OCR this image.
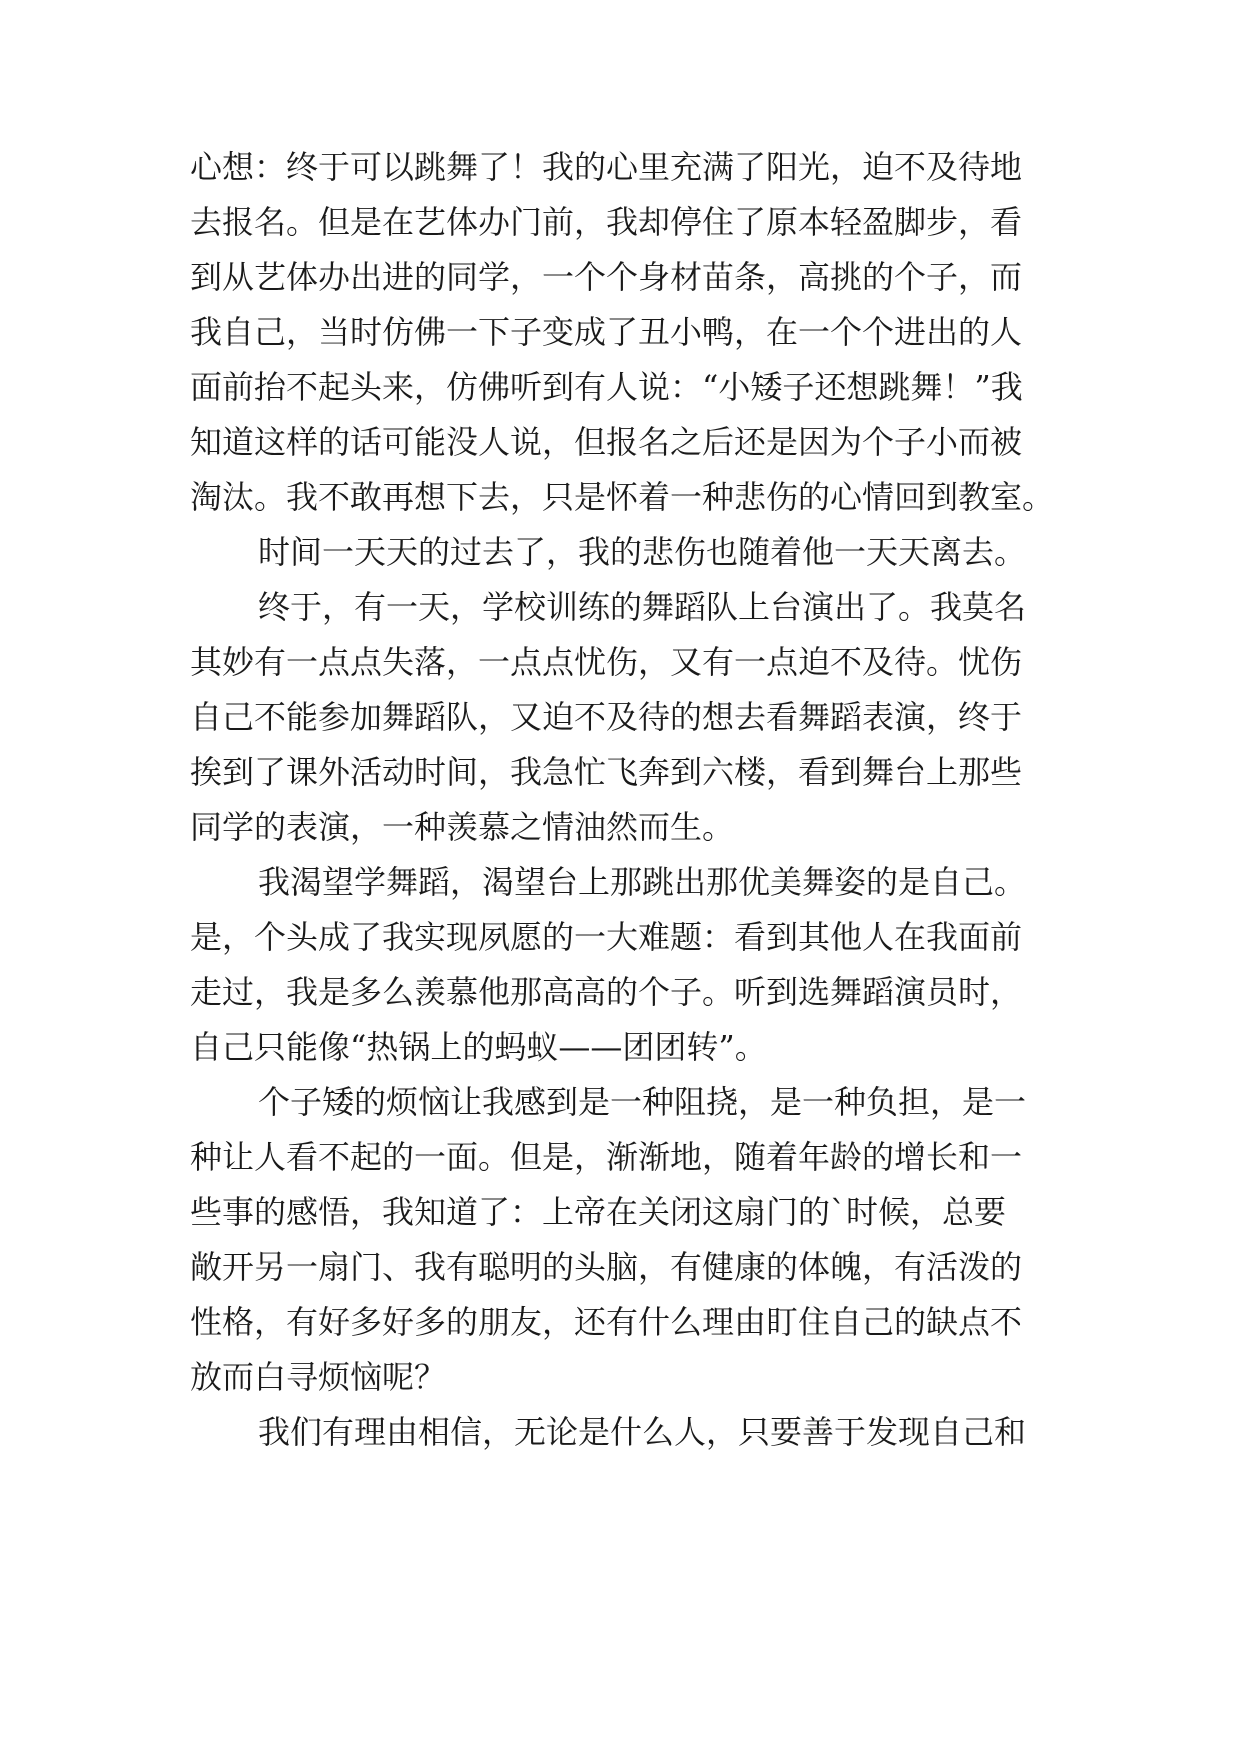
心想：终于可以跳舞了！我的心里充满了阳光，迫不及待地
去报名。但是在艺体办门前，我却停住了原本轻盈脚步，看
到从艺体办出进的同学，一个个身材苗条，高挑的个子，而
我自己，当时仿佛一下子变成了丑小鸭，在一个个进出的人
面前抬不起头来，仿佛听到有人说：“小矮子还想跳舞！”我
知道这样的话可能没人说，但报名之后还是因为个子小而被
淘汰。我不敢再想下去，只是怀着一种悲伤的心情回到教室。
时间一天天的过去了，我的悲伤也随着他一天天离去。
终于，有一天，学校训练的舞蹈队上台演出了。我莫名
其妙有一点点失落，一点点忧伤，又有一点迫不及待。忧伤
自己不能参加舞蹈队，又迫不及待的想去看舞蹈表演，终于
挨到了课外活动时间，我急忙飞奔到六楼，看到舞台上那些
同学的表演，一种羡慕之情油然而生。
我渴望学舞蹈，渴望台上那跳出那优美舞姿的是自己。
是，个头成了我实现夙愿的一大难题：看到其他人在我面前
走过，我是多么羡慕他那高高的个子。听到选舞蹈演员时，
自己只能像“热锅上的蚂蚁——团团转”。
个子矮的烦恼让我感到是一种阻挠，是一种负担，是一
种让人看不起的一面。但是，渐渐地，随着年龄的增长和一
些事的感悟，我知道了：上帝在关闭这扇门的`时候，总要
敞开另一扇门、我有聪明的头脑，有健康的体魄，有活泼的
性格，有好多好多的朋友，还有什么理由盯住自己的缺点不
放而白寻烦恼呢？
我们有理由相信，无论是什么人，只要善于发现自己和
